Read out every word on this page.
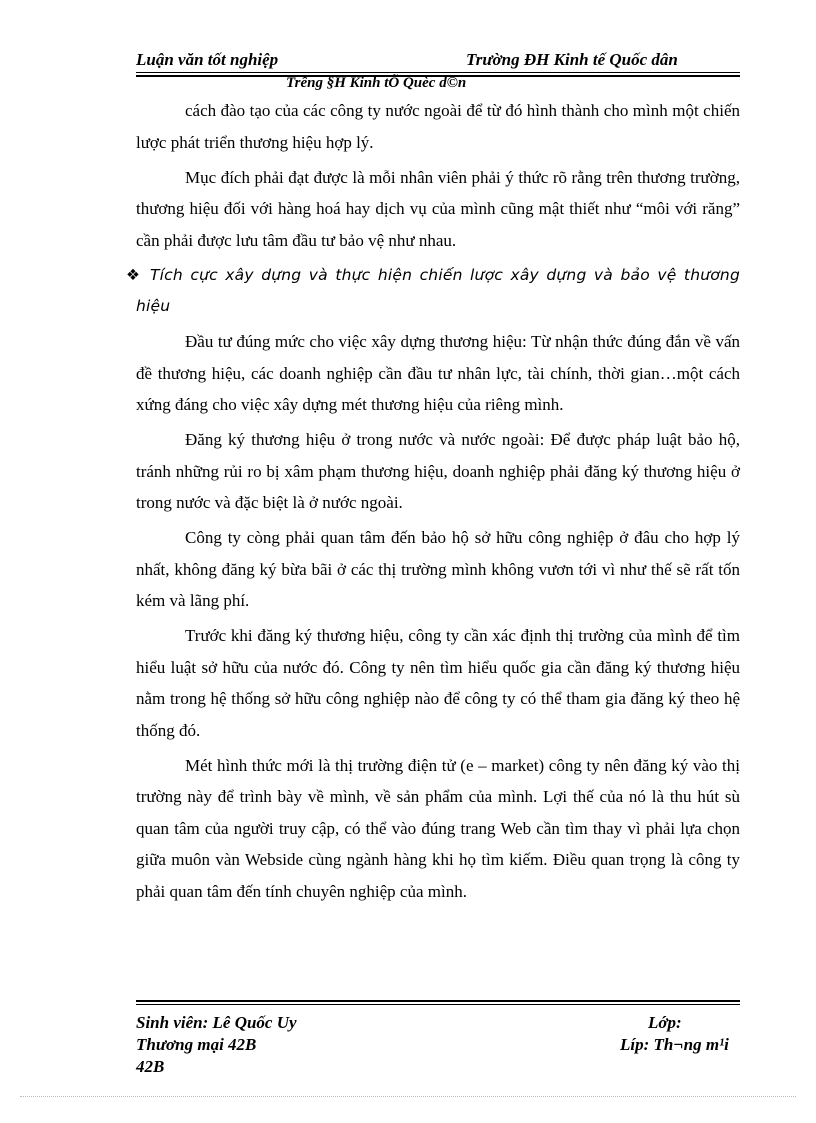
Luận văn tốt nghiệp	Trường ĐH Kinh tế Quốc dân
Trêng §H Kinh tÕ Quèc d©n

cách đào tạo của các công ty nước ngoài để từ đó hình thành cho mình một chiến lược phát triển thương hiệu hợp lý.

Mục đích phải đạt được là mỗi nhân viên phải ý thức rõ rằng trên thương trường, thương hiệu đối với hàng hoá hay dịch vụ của mình cũng mật thiết như “môi với răng” cần phải được lưu tâm đầu tư bảo vệ như nhau.

❖ Tích cực xây dựng và thực hiện chiến lược xây dựng và bảo vệ thương hiệu

Đầu tư đúng mức cho việc xây dựng thương hiệu: Từ nhận thức đúng đắn về vấn đề thương hiệu, các doanh nghiệp cần đầu tư nhân lực, tài chính, thời gian…một cách xứng đáng cho việc xây dựng mét thương hiệu của riêng mình.

Đăng ký thương hiệu ở trong nước và nước ngoài: Để được pháp luật bảo hộ, tránh những rủi ro bị xâm phạm thương hiệu, doanh nghiệp phải đăng ký thương hiệu ở trong nước và đặc biệt là ở nước ngoài.

Công ty còng phải quan tâm đến bảo hộ sở hữu công nghiệp ở đâu cho hợp lý nhất, không đăng ký bừa bãi ở các thị trường mình không vươn tới vì như thế sẽ rất tốn kém và lãng phí.

Trước khi đăng ký thương hiệu, công ty cần xác định thị trường của mình để tìm hiểu luật sở hữu của nước đó. Công ty nên tìm hiểu quốc gia cần đăng ký thương hiệu nằm trong hệ thống sở hữu công nghiệp nào để công ty có thể tham gia đăng ký theo hệ thống đó.

Mét hình thức mới là thị trường điện tử (e – market) công ty nên đăng ký vào thị trường này để trình bày về mình, về sản phẩm của mình. Lợi thế của nó là thu hút sù quan tâm của người truy cập, có thể vào đúng trang Web cần tìm thay vì phải lựa chọn giữa muôn vàn Webside cùng ngành hàng khi họ tìm kiếm. Điều quan trọng là công ty phải quan tâm đến tính chuyên nghiệp của mình.

Sinh viên: Lê Quốc Uy	Lớp:
Thương mại 42B	Líp: Th¬ng m¹i
42B
